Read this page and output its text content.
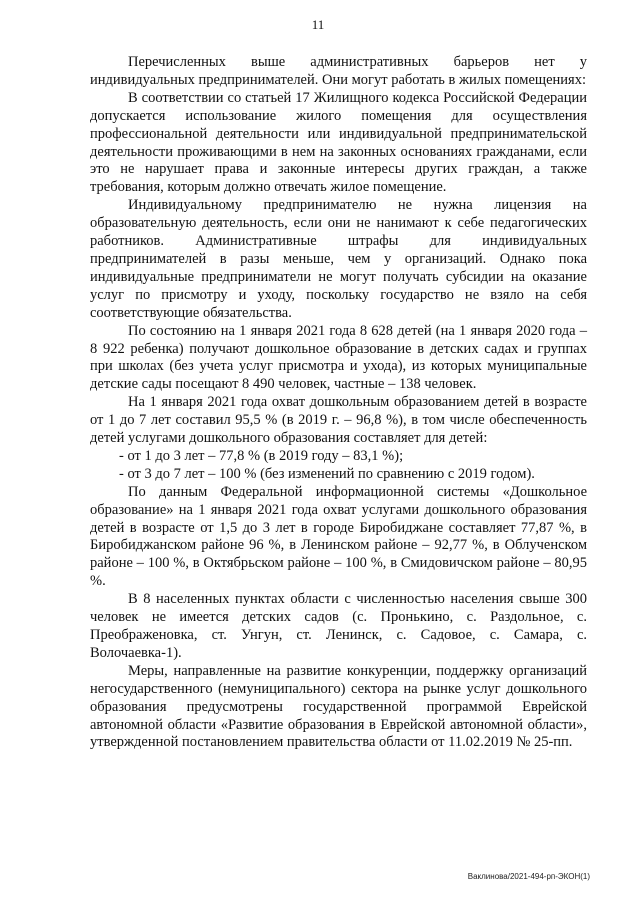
11

Перечисленных выше административных барьеров нет у индивидуальных предпринимателей. Они могут работать в жилых помещениях:

В соответствии со статьей 17 Жилищного кодекса Российской Федерации допускается использование жилого помещения для осуществления профессиональной деятельности или индивидуальной предпринимательской деятельности проживающими в нем на законных основаниях гражданами, если это не нарушает права и законные интересы других граждан, а также требования, которым должно отвечать жилое помещение.

Индивидуальному предпринимателю не нужна лицензия на образовательную деятельность, если они не нанимают к себе педагогических работников. Административные штрафы для индивидуальных предпринимателей в разы меньше, чем у организаций. Однако пока индивидуальные предприниматели не могут получать субсидии на оказание услуг по присмотру и уходу, поскольку государство не взяло на себя соответствующие обязательства.

По состоянию на 1 января 2021 года 8 628 детей (на 1 января 2020 года – 8 922 ребенка) получают дошкольное образование в детских садах и группах при школах (без учета услуг присмотра и ухода), из которых муниципальные детские сады посещают 8 490 человек, частные – 138 человек.

На 1 января 2021 года охват дошкольным образованием детей в возрасте от 1 до 7 лет составил 95,5 % (в 2019 г. – 96,8 %), в том числе обеспеченность детей услугами дошкольного образования составляет для детей:

- от 1 до 3 лет – 77,8 % (в 2019 году – 83,1 %);

- от 3 до 7 лет – 100 % (без изменений по сравнению с 2019 годом).

По данным Федеральной информационной системы «Дошкольное образование» на 1 января 2021 года охват услугами дошкольного образования детей в возрасте от 1,5 до 3 лет в городе Биробиджане составляет 77,87 %, в Биробиджанском районе 96 %, в Ленинском районе – 92,77 %, в Облученском районе – 100 %, в Октябрьском районе – 100 %, в Смидовичском районе – 80,95 %.

В 8 населенных пунктах области с численностью населения свыше 300 человек не имеется детских садов (с. Пронькино, с. Раздольное, с. Преображеновка, ст. Унгун, ст. Ленинск, с. Садовое, с. Самара, с. Волочаевка-1).

Меры, направленные на развитие конкуренции, поддержку организаций негосударственного (немуниципального) сектора на рынке услуг дошкольного образования предусмотрены государственной программой Еврейской автономной области «Развитие образования в Еврейской автономной области», утвержденной постановлением правительства области от 11.02.2019 № 25-пп.

Ваклинова/2021-494-рп-ЭКОН(1)
